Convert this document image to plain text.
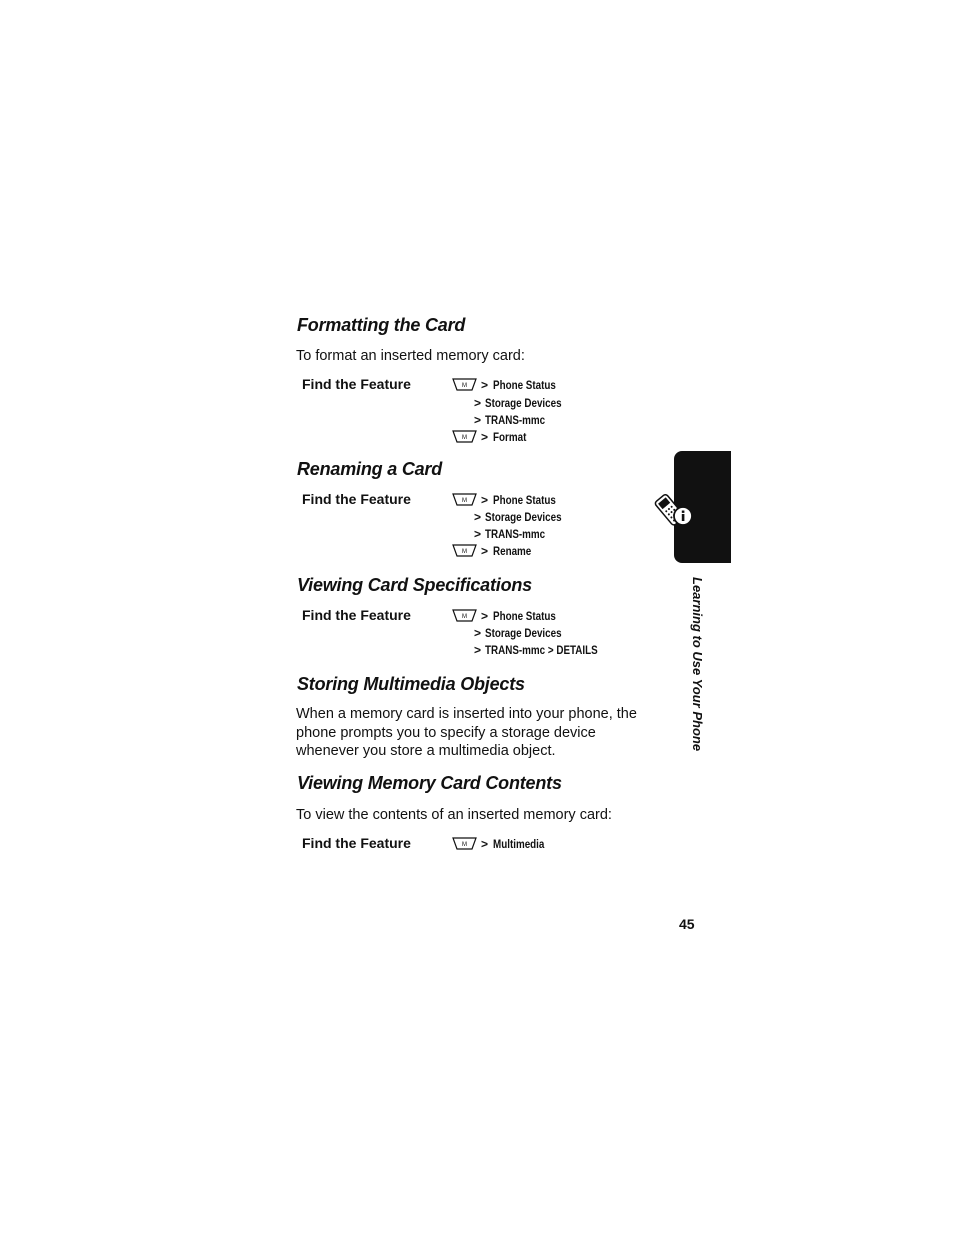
Formatting the Card

To format an inserted memory card:

Find the Feature	M	> Phone Status
> Storage Devices
> TRANS-mmc
M	> Format
Renaming a Card
Find the Feature	M	> Phone Status
> Storage Devices
> TRANS-mmc
M	> Rename
Viewing Card Specifications
Find the Feature	M	> Phone Status
> Storage Devices
> TRANS-mmc > DETAILS
Storing Multimedia Objects

When a memory card is inserted into your phone, the phone prompts you to specify a storage device whenever you store a multimedia object.

Viewing Memory Card Contents

To view the contents of an inserted memory card:

Find the Feature	M	> Multimedia
Learning to Use Your Phone
45
